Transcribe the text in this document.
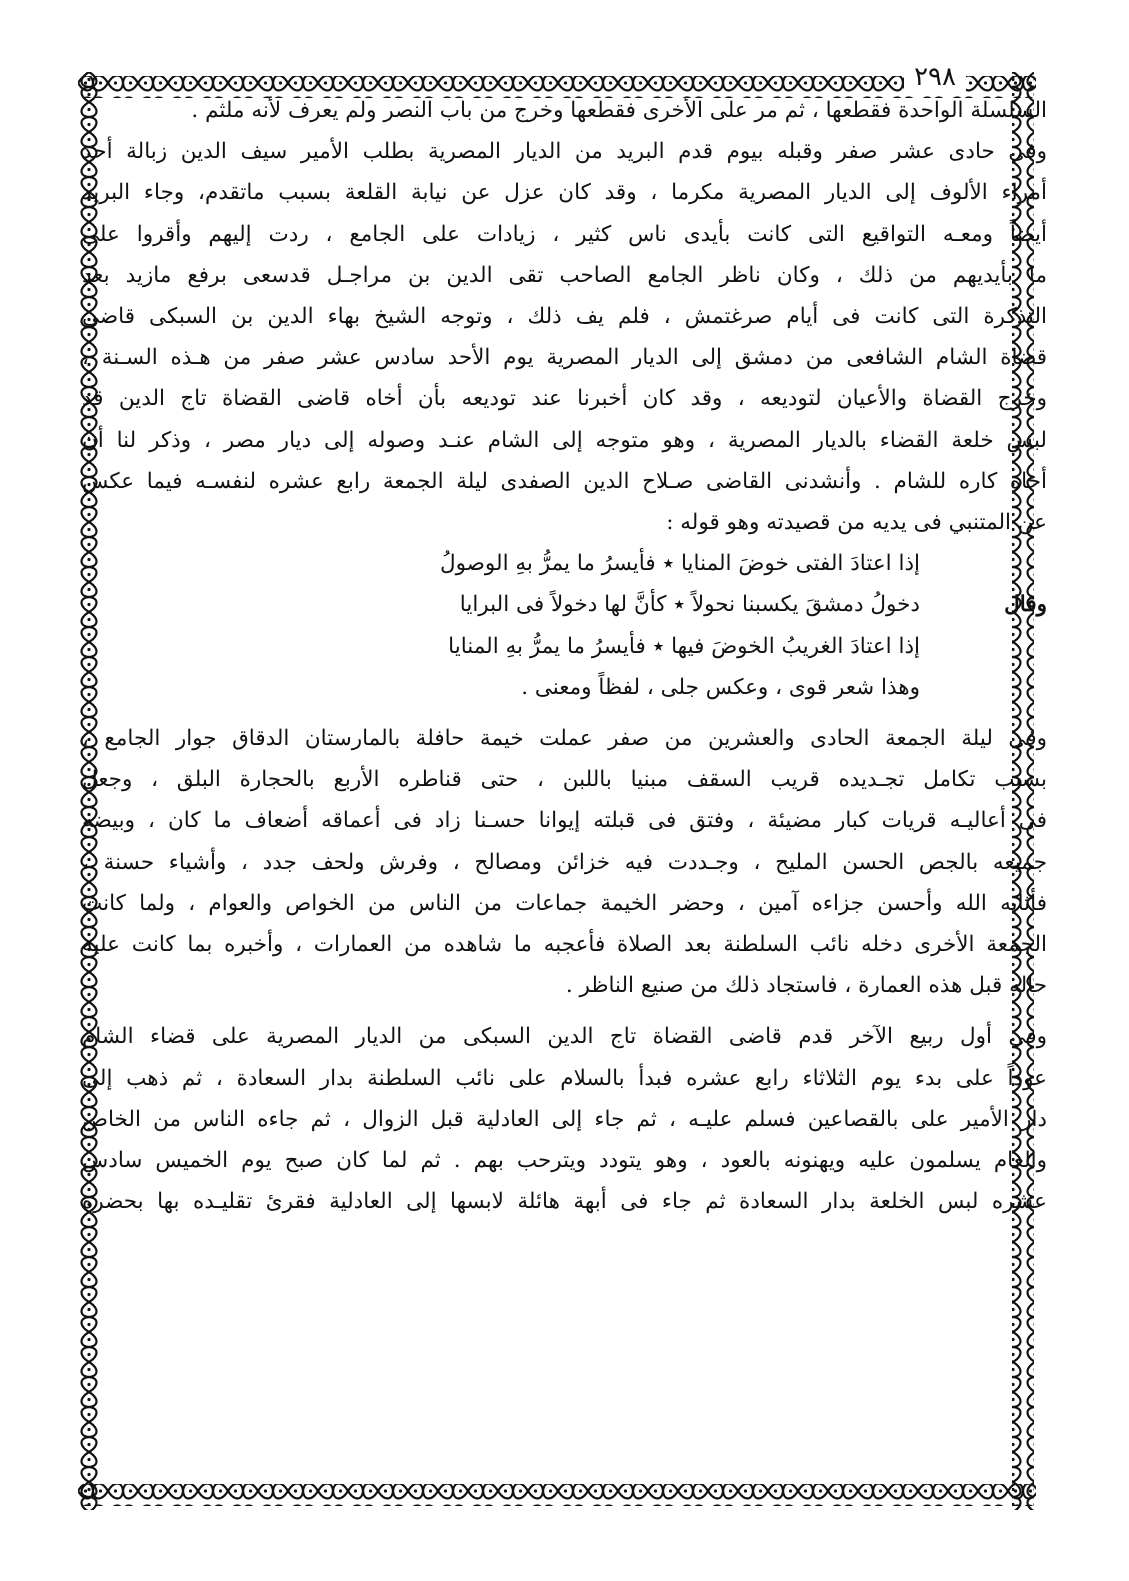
٢٩٨

السلسلة الواحدة فقطعها ، ثم مر على الأخرى فقطعها وخرج من باب النصر ولم يعرف لأنه ملثم .

وفى حادى عشر صفر وقبله بيوم قدم البريد من الديار المصرية بطلب الأمير سيف الدين زبالة أحد
أمراء الألوف إلى الديار المصرية مكرما ، وقد كان عزل عن نيابة القلعة بسبب ماتقدم، وجاء البريد
أيضاً ومعـه التواقيع التى كانت بأيدى ناس كثير ، زيادات على الجامع ، ردت إليهم وأقروا على
ما بأيديهم من ذلك ، وكان ناظر الجامع الصاحب تقى الدين بن مراجـل قدسعى برفع مازيد بعد
التذكرة التى كانت فى أيام صرغتمش ، فلم يف ذلك ، وتوجه الشيخ بهاء الدين بن السبكى قاضى
قضاة الشام الشافعى من دمشق إلى الديار المصرية يوم الأحد سادس عشر صفر من هـذه السـنة ،
وخرج القضاة والأعيان لتوديعه ، وقد كان أخبرنا عند توديعه بأن أخاه قاضى القضاة تاج الدين قد
لبس خلعة القضاء بالديار المصرية ، وهو متوجه إلى الشام عنـد وصوله إلى ديار مصر ، وذكر لنا أن
أخاه كاره للشام . وأنشدنى القاضى صـلاح الدين الصفدى ليلة الجمعة رابع عشره لنفسـه فيما عكس
عن المتنبي فى يديه من قصيدته وهو قوله :

إذا اعتادَ الفتى خوضَ المنايا ٭ فأيسرُ ما يمرُّ بهِ الوصولُ
وقال
دخولُ دمشقَ يكسبنا نحولاً ٭ كأنَّ لها دخولاً فى البرايا
إذا اعتادَ الغريبُ الخوضَ فيها ٭ فأيسرُ ما يمرُّ بهِ المنايا
وهذا شعر قوى ، وعكس جلى ، لفظاً ومعنى .

وفى ليلة الجمعة الحادى والعشرين من صفر عملت خيمة حافلة بالمارستان الدقاق جوار الجامع ،
بسبب تكامل تجـديده قريب السقف مبنيا باللبن ، حتى قناطره الأربع بالحجارة البلق ، وجعل
فى أعاليـه قريات كبار مضيئة ، وفتق فى قبلته إيوانا حسـنا زاد فى أعماقه أضعاف ما كان ، وبيضه
جميعه بالجص الحسن المليح ، وجـددت فيه خزائن ومصالح ، وفرش ولحف جدد ، وأشياء حسنة ،
فأثابه الله وأحسن جزاءه آمين ، وحضر الخيمة جماعات من الناس من الخواص والعوام ، ولما كانت
الجمعة الأخرى دخله نائب السلطنة بعد الصلاة فأعجبه ما شاهده من العمارات ، وأخبره بما كانت عليه
حاله قبل هذه العمارة ، فاستجاد ذلك من صنيع الناظر .

وفى أول ربيع الآخر قدم قاضى القضاة تاج الدين السبكى من الديار المصرية على قضاء الشام
عوداً على بدء يوم الثلاثاء رابع عشره فبدأ بالسلام على نائب السلطنة بدار السعادة ، ثم ذهب إلى
دار الأمير على بالقصاعين فسلم عليـه ، ثم جاء إلى العادلية قبل الزوال ، ثم جاءه الناس من الخاص
والعام يسلمون عليه ويهنونه بالعود ، وهو يتودد ويترحب بهم . ثم لما كان صبح يوم الخميس سادس
عشره لبس الخلعة بدار السعادة ثم جاء فى أبهة هائلة لابسها إلى العادلية فقرئ تقليـده بها بحضرة
